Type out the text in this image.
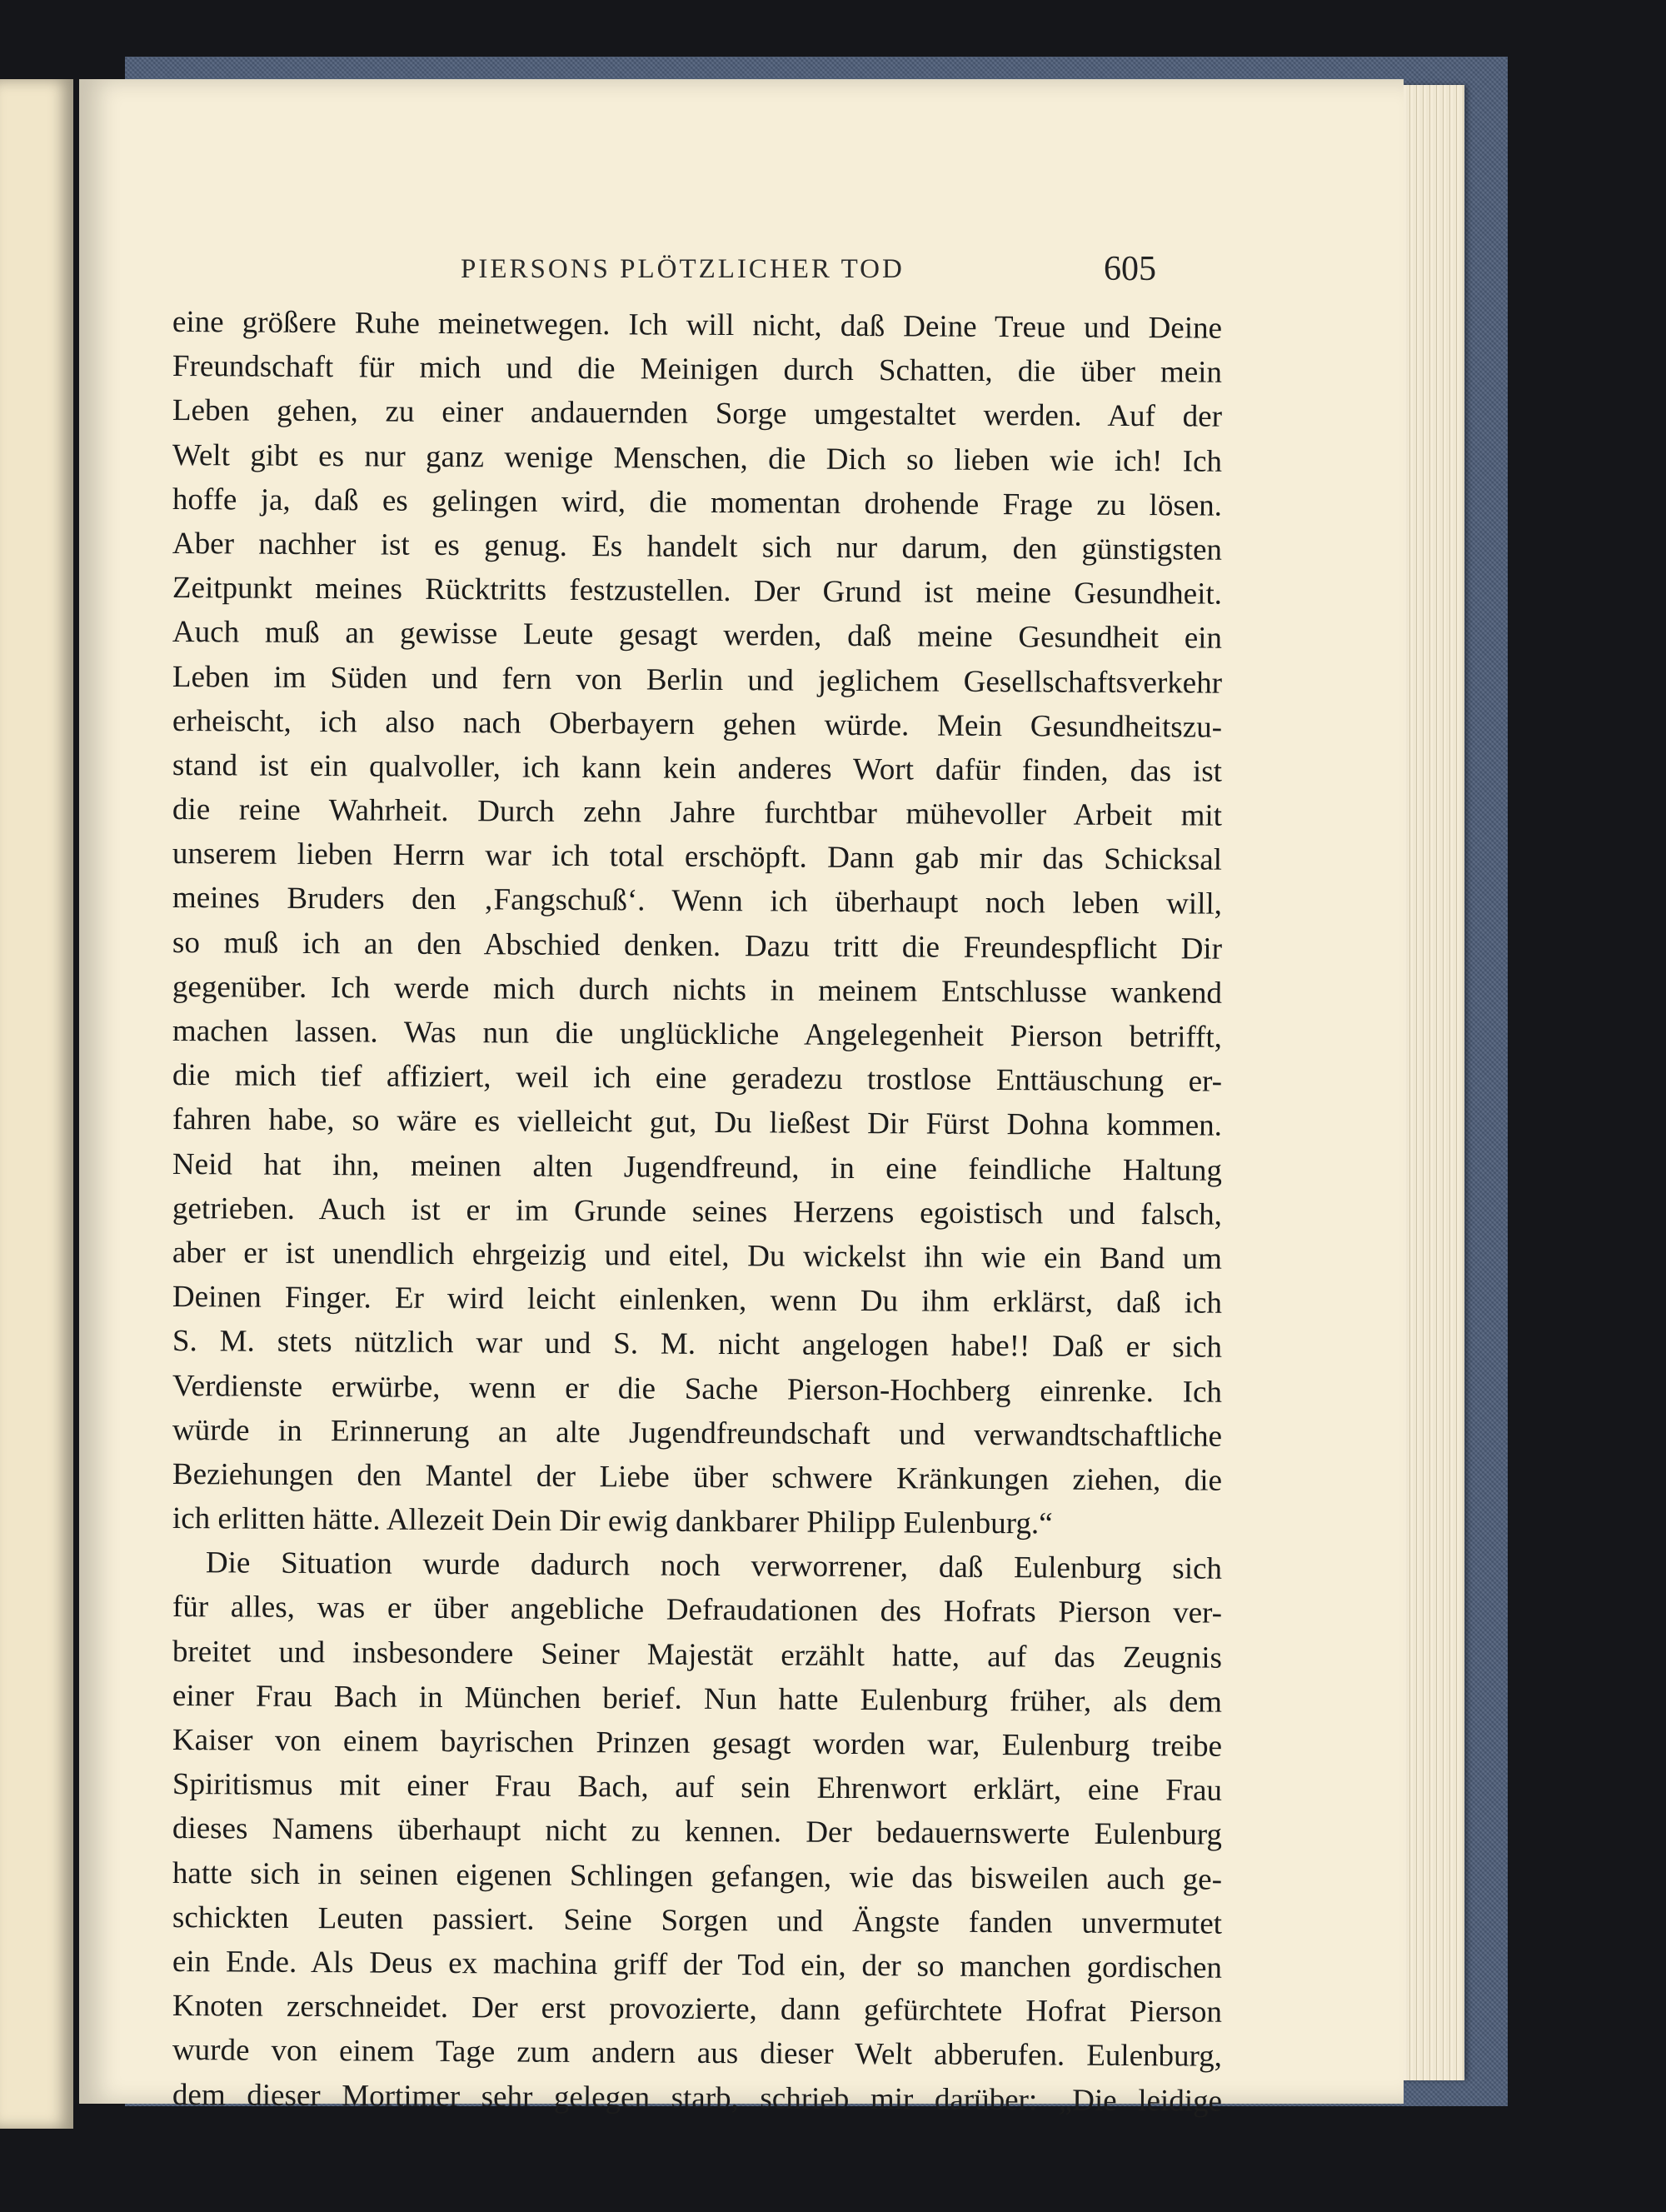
PIERSONS PLÖTZLICHER TOD	605
eine größere Ruhe meinetwegen. Ich will nicht, daß Deine Treue und Deine
Freundschaft für mich und die Meinigen durch Schatten, die über mein
Leben gehen, zu einer andauernden Sorge umgestaltet werden. Auf der
Welt gibt es nur ganz wenige Menschen, die Dich so lieben wie ich! Ich
hoffe ja, daß es gelingen wird, die momentan drohende Frage zu lösen.
Aber nachher ist es genug. Es handelt sich nur darum, den günstigsten
Zeitpunkt meines Rücktritts festzustellen. Der Grund ist meine Gesundheit.
Auch muß an gewisse Leute gesagt werden, daß meine Gesundheit ein
Leben im Süden und fern von Berlin und jeglichem Gesellschaftsverkehr
erheischt, ich also nach Oberbayern gehen würde. Mein Gesundheitszu-
stand ist ein qualvoller, ich kann kein anderes Wort dafür finden, das ist
die reine Wahrheit. Durch zehn Jahre furchtbar mühevoller Arbeit mit
unserem lieben Herrn war ich total erschöpft. Dann gab mir das Schicksal
meines Bruders den ‚Fangschuß‘. Wenn ich überhaupt noch leben will,
so muß ich an den Abschied denken. Dazu tritt die Freundespflicht Dir
gegenüber. Ich werde mich durch nichts in meinem Entschlusse wankend
machen lassen. Was nun die unglückliche Angelegenheit Pierson betrifft,
die mich tief affiziert, weil ich eine geradezu trostlose Enttäuschung er-
fahren habe, so wäre es vielleicht gut, Du ließest Dir Fürst Dohna kommen.
Neid hat ihn, meinen alten Jugendfreund, in eine feindliche Haltung
getrieben. Auch ist er im Grunde seines Herzens egoistisch und falsch,
aber er ist unendlich ehrgeizig und eitel, Du wickelst ihn wie ein Band um
Deinen Finger. Er wird leicht einlenken, wenn Du ihm erklärst, daß ich
S. M. stets nützlich war und S. M. nicht angelogen habe!! Daß er sich
Verdienste erwürbe, wenn er die Sache Pierson-Hochberg einrenke. Ich
würde in Erinnerung an alte Jugendfreundschaft und verwandtschaftliche
Beziehungen den Mantel der Liebe über schwere Kränkungen ziehen, die
ich erlitten hätte. Allezeit Dein Dir ewig dankbarer Philipp Eulenburg.“
Die Situation wurde dadurch noch verworrener, daß Eulenburg sich
für alles, was er über angebliche Defraudationen des Hofrats Pierson ver-
breitet und insbesondere Seiner Majestät erzählt hatte, auf das Zeugnis
einer Frau Bach in München berief. Nun hatte Eulenburg früher, als dem
Kaiser von einem bayrischen Prinzen gesagt worden war, Eulenburg treibe
Spiritismus mit einer Frau Bach, auf sein Ehrenwort erklärt, eine Frau
dieses Namens überhaupt nicht zu kennen. Der bedauernswerte Eulenburg
hatte sich in seinen eigenen Schlingen gefangen, wie das bisweilen auch ge-
schickten Leuten passiert. Seine Sorgen und Ängste fanden unvermutet
ein Ende. Als Deus ex machina griff der Tod ein, der so manchen gordischen
Knoten zerschneidet. Der erst provozierte, dann gefürchtete Hofrat Pierson
wurde von einem Tage zum andern aus dieser Welt abberufen. Eulenburg,
dem dieser Mortimer sehr gelegen starb, schrieb mir darüber: „Die leidige
